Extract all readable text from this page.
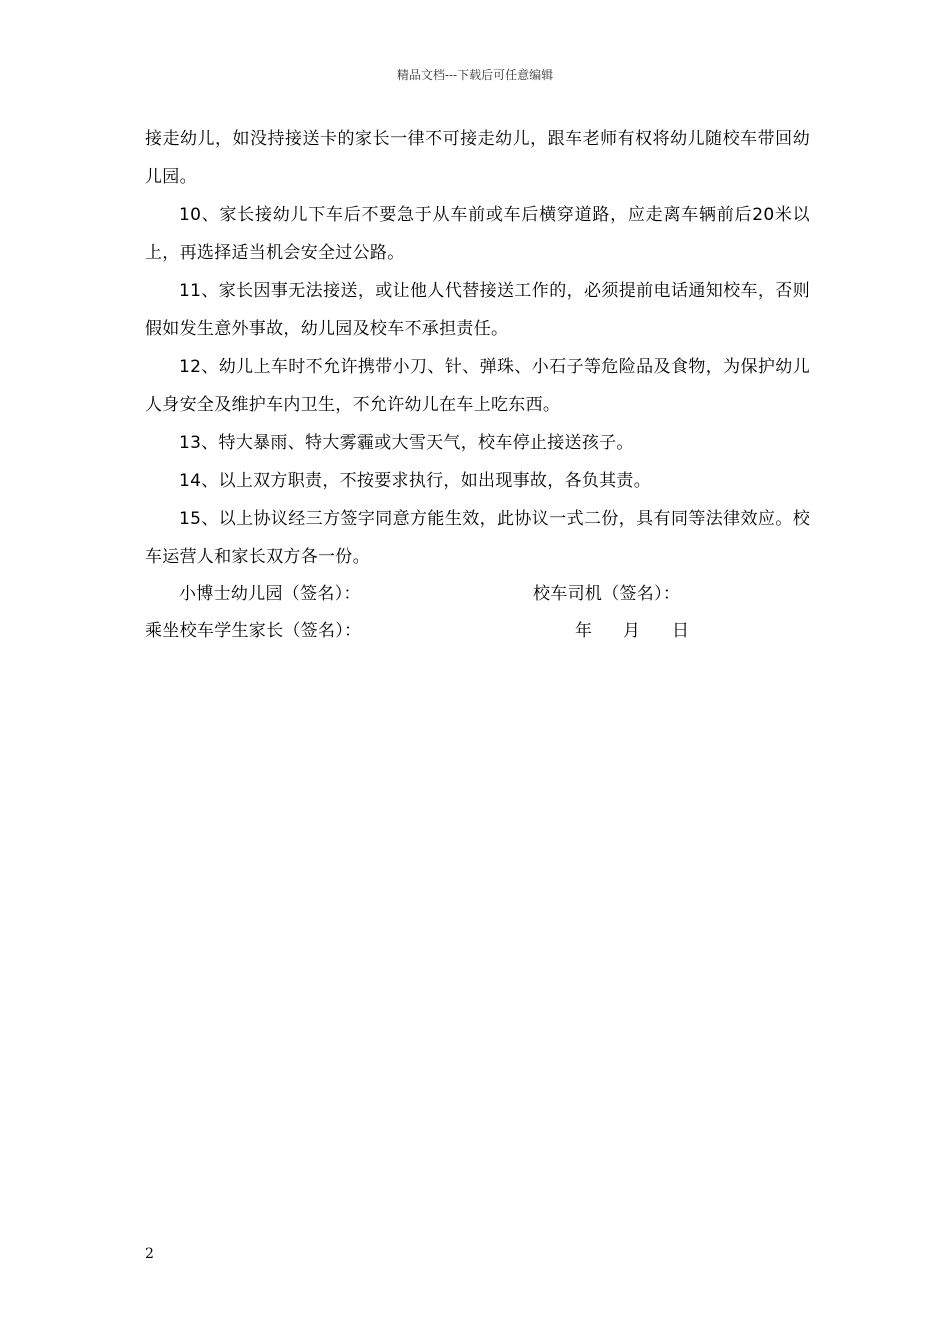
精品文档---下载后可任意编辑

接走幼儿，如没持接送卡的家长一律不可接走幼儿，跟车老师有权将幼儿随校车带回幼儿园。

10、家长接幼儿下车后不要急于从车前或车后横穿道路，应走离车辆前后20米以上，再选择适当机会安全过公路。

11、家长因事无法接送，或让他人代替接送工作的，必须提前电话通知校车，否则假如发生意外事故，幼儿园及校车不承担责任。

12、幼儿上车时不允许携带小刀、针、弹珠、小石子等危险品及食物，为保护幼儿人身安全及维护车内卫生，不允许幼儿在车上吃东西。

13、特大暴雨、特大雾霾或大雪天气，校车停止接送孩子。

14、以上双方职责，不按要求执行，如出现事故，各负其责。

15、以上协议经三方签字同意方能生效，此协议一式二份，具有同等法律效应。校车运营人和家长双方各一份。

小博士幼儿园（签名）：	校车司机（签名）：
乘坐校车学生家长（签名）：	年 月 日
2
